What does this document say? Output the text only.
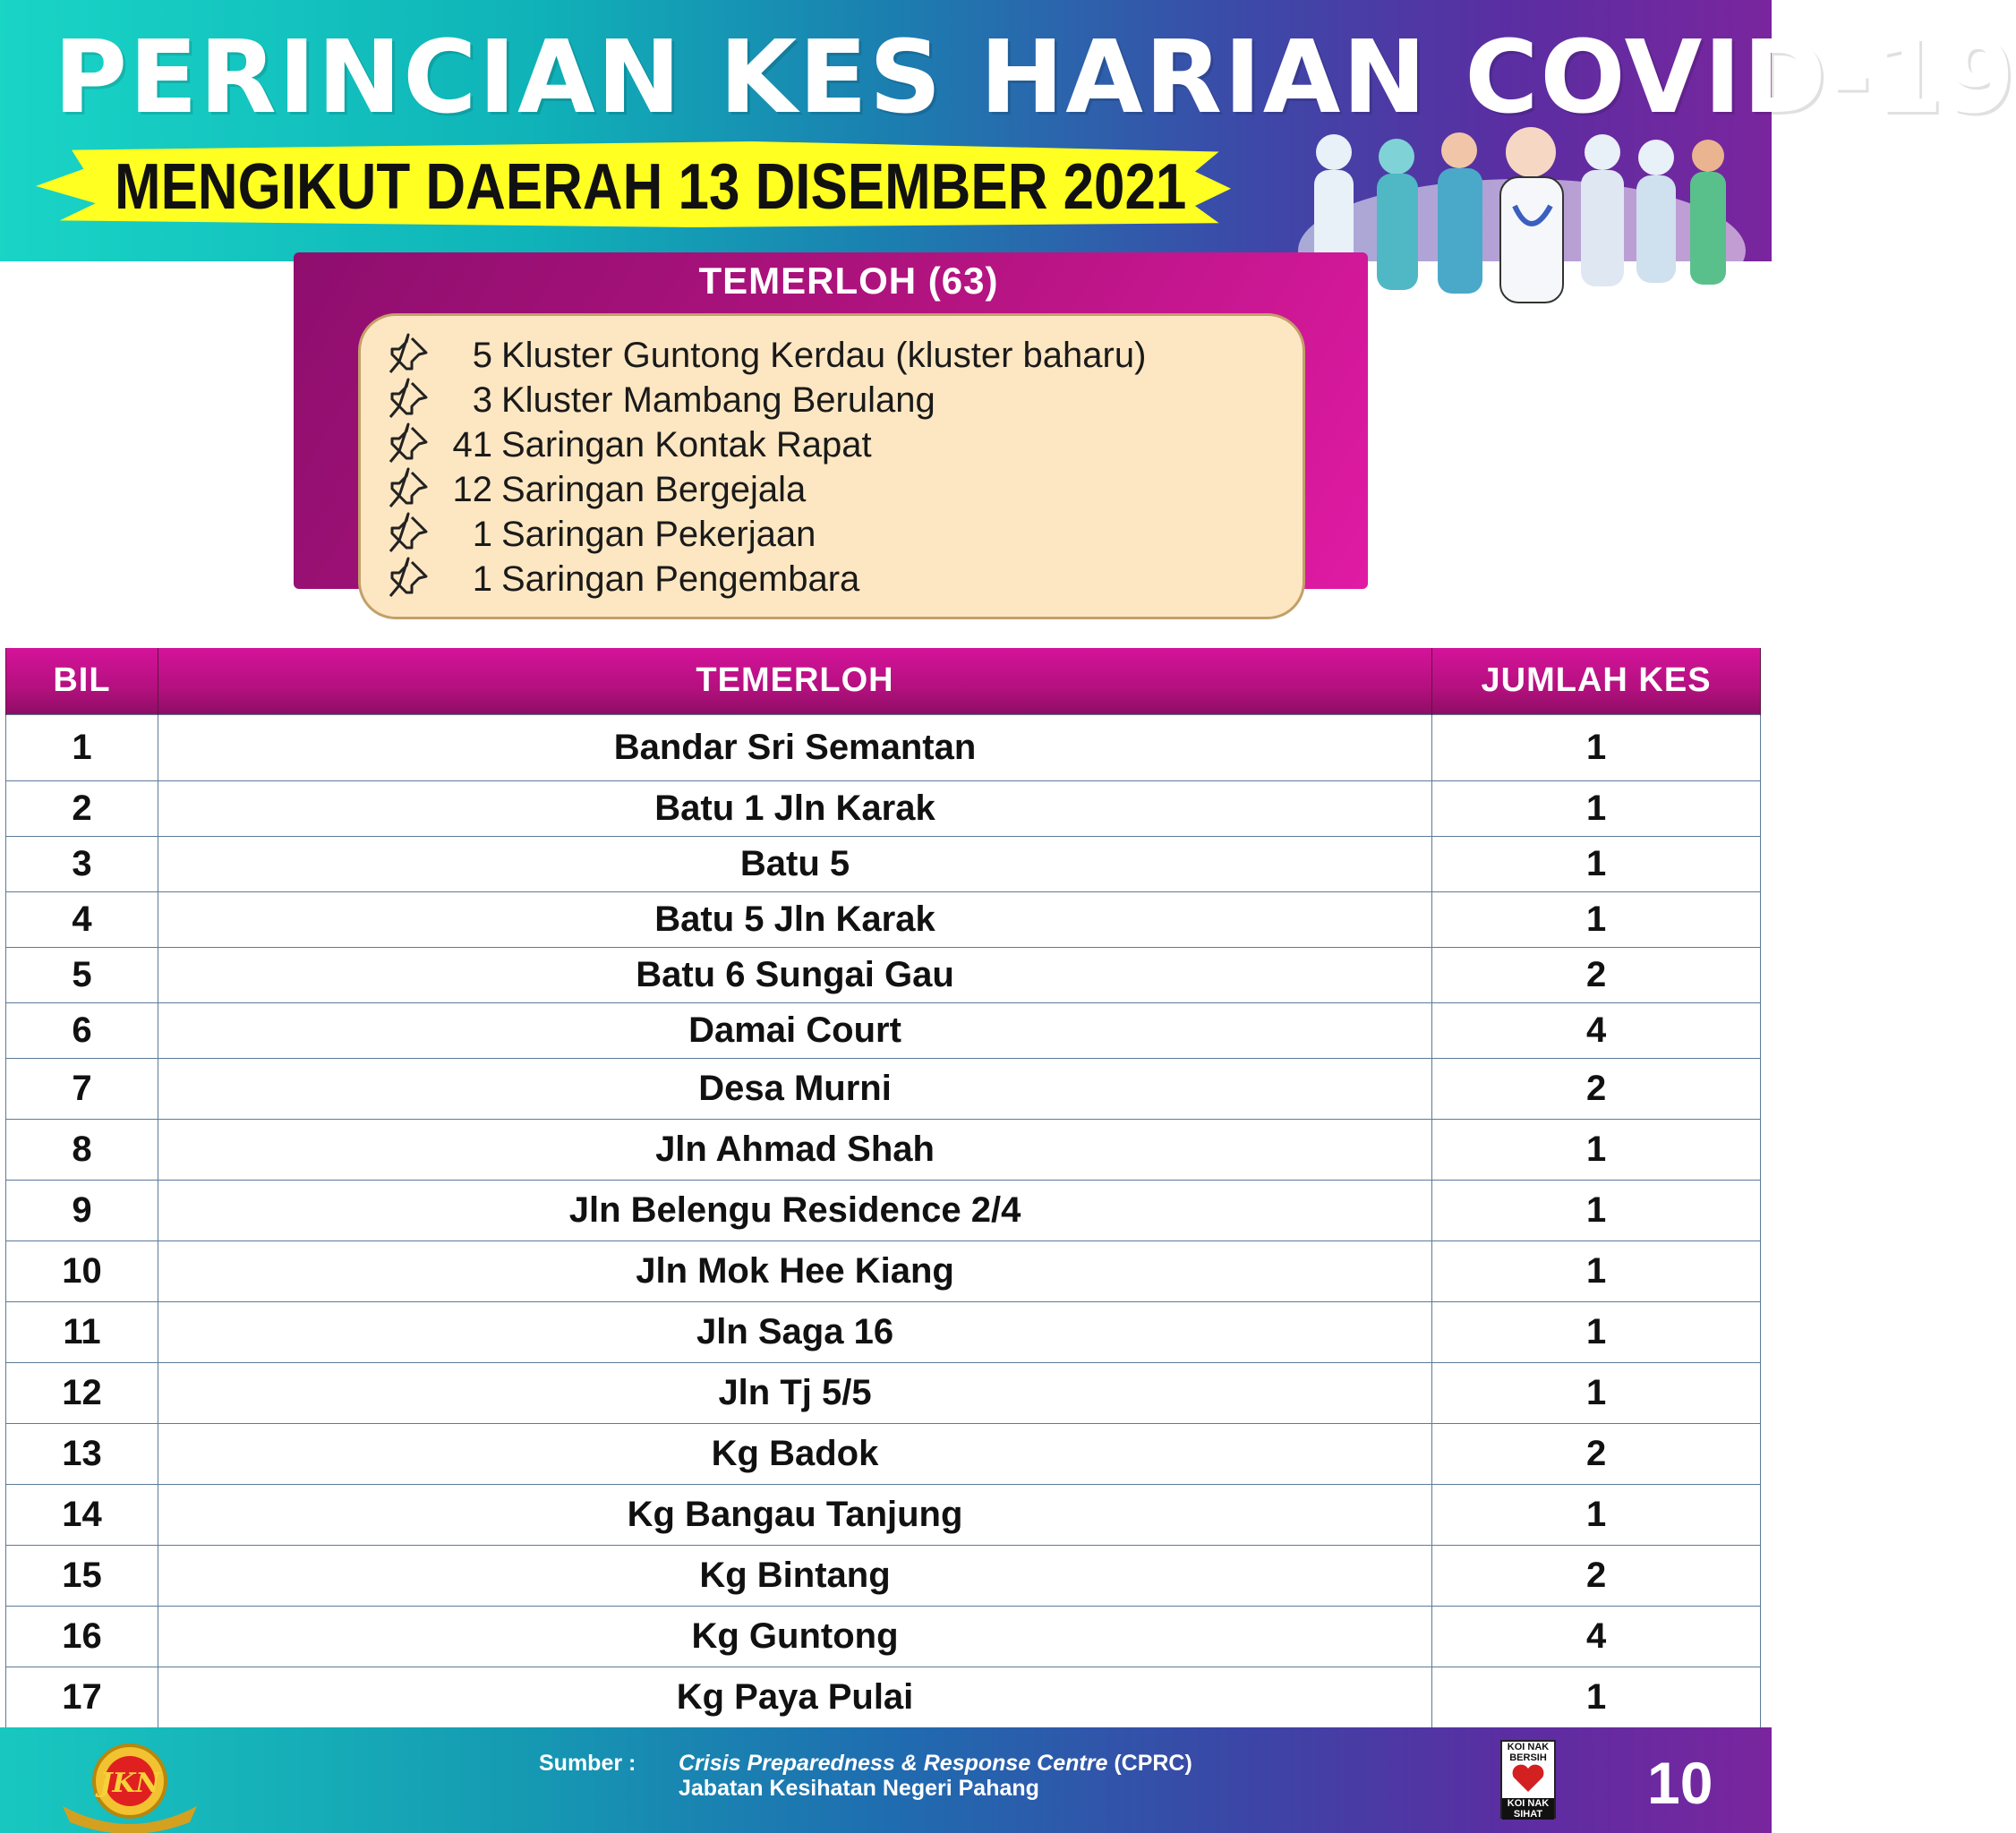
PERINCIAN KES HARIAN COVID-19
MENGIKUT DAERAH 13 DISEMBER 2021
TEMERLOH (63)
5 Kluster Guntong Kerdau (kluster baharu)
3 Kluster Mambang Berulang
41 Saringan Kontak Rapat
12 Saringan Bergejala
1 Saringan Pekerjaan
1 Saringan Pengembara
BIL	TEMERLOH	JUMLAH KES
1	Bandar Sri Semantan	1
2	Batu 1 Jln Karak	1
3	Batu 5	1
4	Batu 5 Jln Karak	1
5	Batu 6 Sungai Gau	2
6	Damai Court	4
7	Desa Murni	2
8	Jln Ahmad Shah	1
9	Jln Belengu Residence 2/4	1
10	Jln Mok Hee Kiang	1
11	Jln Saga 16	1
12	Jln Tj 5/5	1
13	Kg Badok	2
14	Kg Bangau Tanjung	1
15	Kg Bintang	2
16	Kg Guntong	4
17	Kg Paya Pulai	1
JKN
Sumber : Crisis Preparedness & Response Centre (CPRC)
Jabatan Kesihatan Negeri Pahang
KOI NAK BERSIH
KOI NAK SIHAT 10
